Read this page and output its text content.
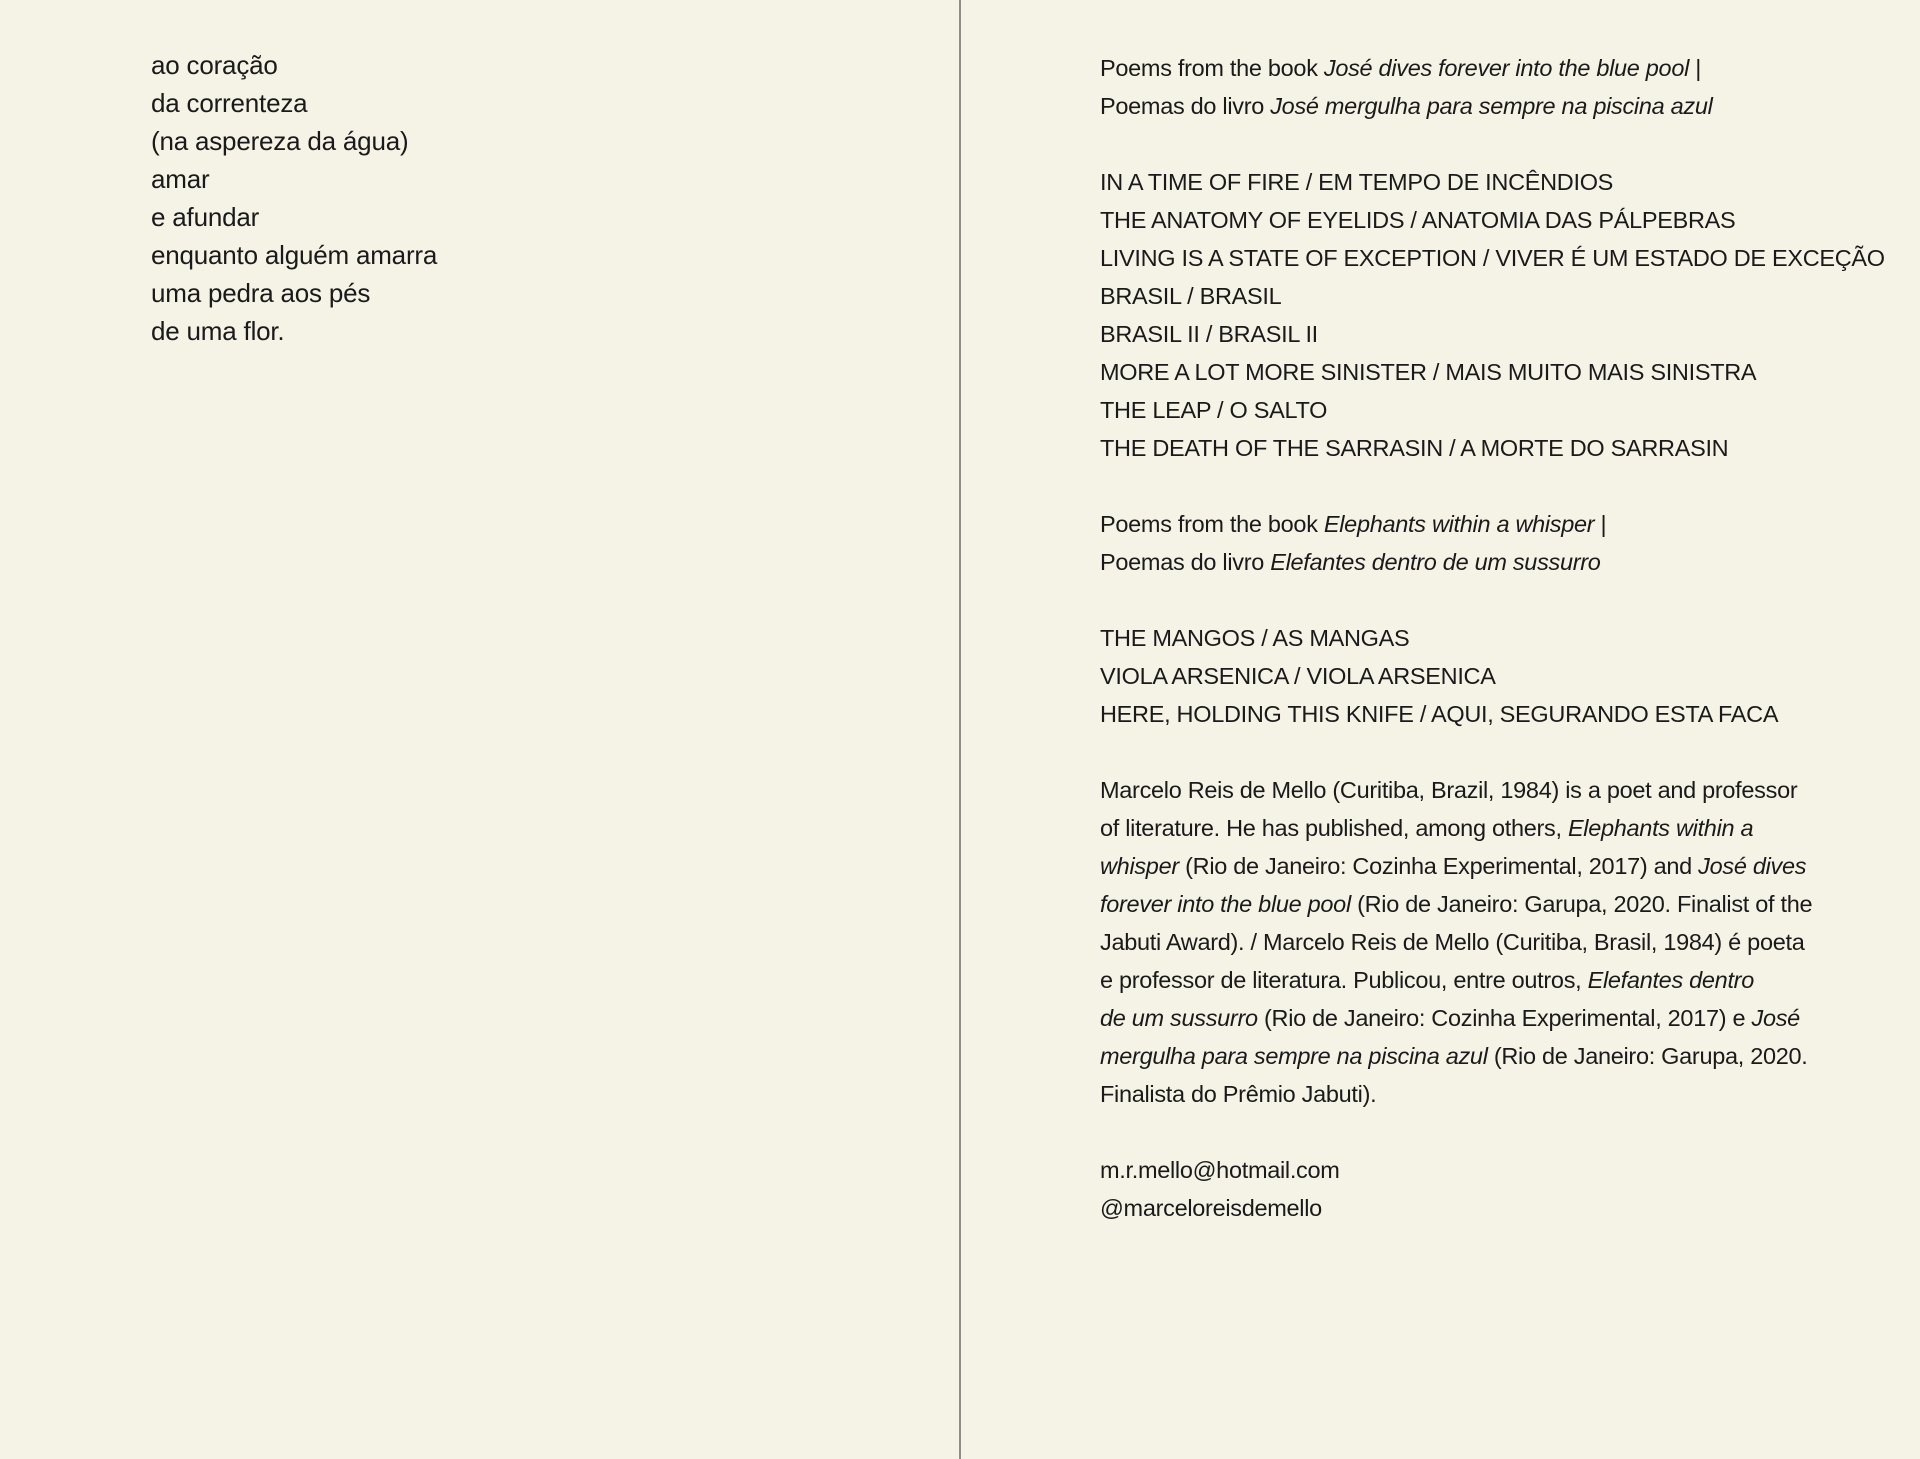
ao coração
da correnteza
(na aspereza da água)
amar
e afundar
enquanto alguém amarra
uma pedra aos pés
de uma flor.
Poems from the book José dives forever into the blue pool |
Poemas do livro José mergulha para sempre na piscina azul
IN A TIME OF FIRE / EM TEMPO DE INCÊNDIOS
THE ANATOMY OF EYELIDS / ANATOMIA DAS PÁLPEBRAS
LIVING IS A STATE OF EXCEPTION / VIVER É UM ESTADO DE EXCEÇÃO
BRASIL / BRASIL
BRASIL II / BRASIL II
MORE A LOT MORE SINISTER / MAIS MUITO MAIS SINISTRA
THE LEAP / O SALTO
THE DEATH OF THE SARRASIN / A MORTE DO SARRASIN
Poems from the book Elephants within a whisper |
Poemas do livro Elefantes dentro de um sussurro
THE MANGOS / AS MANGAS
VIOLA ARSENICA / VIOLA ARSENICA
HERE, HOLDING THIS KNIFE / AQUI, SEGURANDO ESTA FACA
Marcelo Reis de Mello (Curitiba, Brazil, 1984) is a poet and professor
of literature. He has published, among others, Elephants within a
whisper (Rio de Janeiro: Cozinha Experimental, 2017) and José dives
forever into the blue pool (Rio de Janeiro: Garupa, 2020. Finalist of the
Jabuti Award). / Marcelo Reis de Mello (Curitiba, Brasil, 1984) é poeta
e professor de literatura. Publicou, entre outros, Elefantes dentro
de um sussurro (Rio de Janeiro: Cozinha Experimental, 2017) e José
mergulha para sempre na piscina azul (Rio de Janeiro: Garupa, 2020.
Finalista do Prêmio Jabuti).
m.r.mello@hotmail.com
@marceloreisdemello
